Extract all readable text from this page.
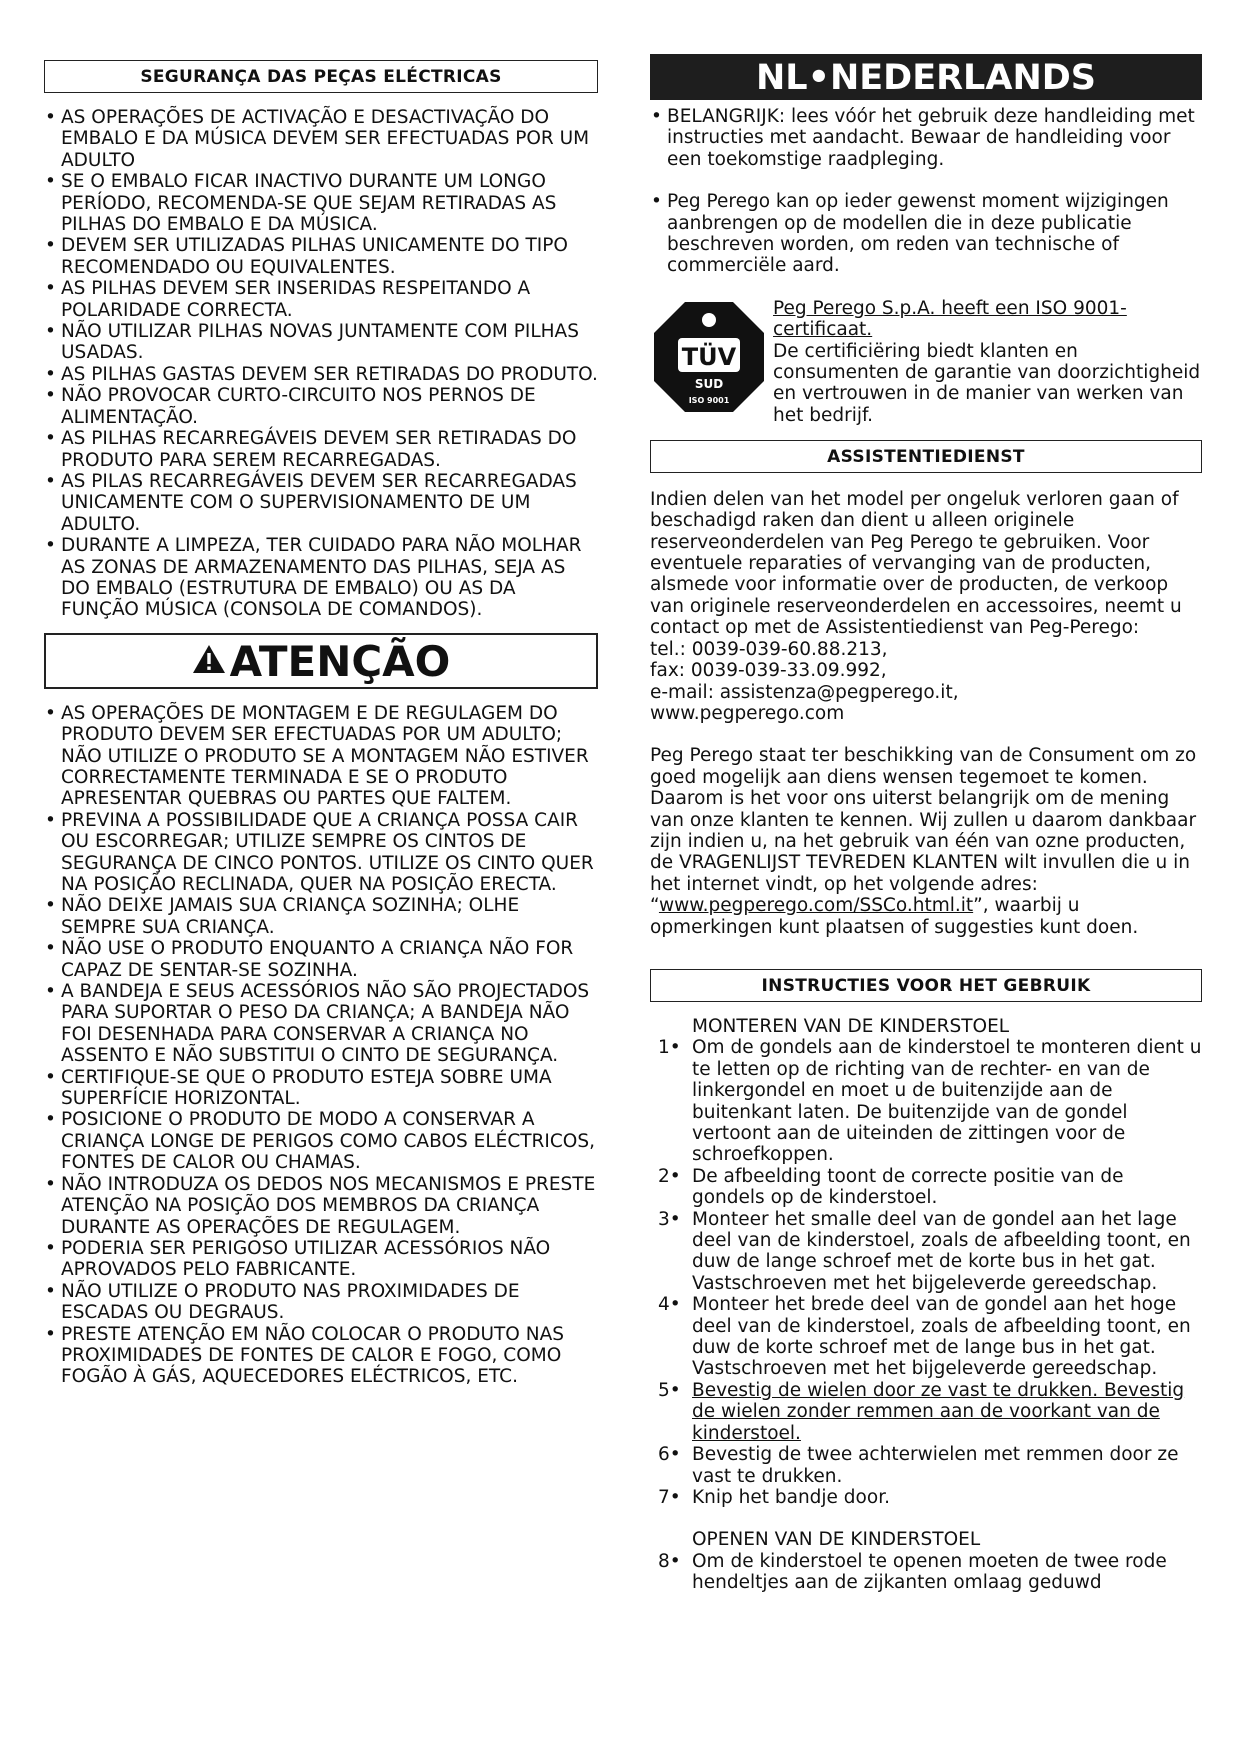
SEGURANÇA DAS PEÇAS ELÉCTRICAS
• AS OPERAÇÕES DE ACTIVAÇÃO E DESACTIVAÇÃO DO EMBALO E DA MÚSICA DEVEM SER EFECTUADAS POR UM ADULTO
• SE O EMBALO FICAR INACTIVO DURANTE UM LONGO PERÍODO, RECOMENDA-SE QUE SEJAM RETIRADAS AS PILHAS DO EMBALO E DA MÚSICA.
• DEVEM SER UTILIZADAS PILHAS UNICAMENTE DO TIPO RECOMENDADO OU EQUIVALENTES.
• AS PILHAS DEVEM SER INSERIDAS RESPEITANDO A POLARIDADE CORRECTA.
• NÃO UTILIZAR PILHAS NOVAS JUNTAMENTE COM PILHAS USADAS.
• AS PILHAS GASTAS DEVEM SER RETIRADAS DO PRODUTO.
• NÃO PROVOCAR CURTO-CIRCUITO NOS PERNOS DE ALIMENTAÇÃO.
• AS PILHAS RECARREGÁVEIS DEVEM SER RETIRADAS DO PRODUTO PARA SEREM RECARREGADAS.
• AS PILAS RECARREGÁVEIS DEVEM SER RECARREGADAS UNICAMENTE COM O SUPERVISIONAMENTO DE UM ADULTO.
• DURANTE A LIMPEZA, TER CUIDADO PARA NÃO MOLHAR AS ZONAS DE ARMAZENAMENTO DAS PILHAS, SEJA AS DO EMBALO (ESTRUTURA DE EMBALO) OU AS DA FUNÇÃO MÚSICA (CONSOLA DE COMANDOS).
ATENÇÃO
• AS OPERAÇÕES DE MONTAGEM E DE REGULAGEM DO PRODUTO DEVEM SER EFECTUADAS POR UM ADULTO; NÃO UTILIZE O PRODUTO SE A MONTAGEM NÃO ESTIVER CORRECTAMENTE TERMINADA E SE O PRODUTO APRESENTAR QUEBRAS OU PARTES QUE FALTEM.
• PREVINA A POSSIBILIDADE QUE A CRIANÇA POSSA CAIR OU ESCORREGAR; UTILIZE SEMPRE OS CINTOS DE SEGURANÇA DE CINCO PONTOS. UTILIZE OS CINTO QUER NA POSIÇÃO RECLINADA, QUER NA POSIÇÃO ERECTA.
• NÃO DEIXE JAMAIS SUA CRIANÇA SOZINHA; OLHE SEMPRE SUA CRIANÇA.
• NÃO USE O PRODUTO ENQUANTO A CRIANÇA NÃO FOR CAPAZ DE SENTAR-SE SOZINHA.
• A BANDEJA E SEUS ACESSÓRIOS NÃO SÃO PROJECTADOS PARA SUPORTAR O PESO DA CRIANÇA; A BANDEJA NÃO FOI DESENHADA PARA CONSERVAR A CRIANÇA NO ASSENTO E NÃO SUBSTITUI O CINTO DE SEGURANÇA.
• CERTIFIQUE-SE QUE O PRODUTO ESTEJA SOBRE UMA SUPERFÍCIE HORIZONTAL.
• POSICIONE O PRODUTO DE MODO A CONSERVAR A CRIANÇA LONGE DE PERIGOS COMO CABOS ELÉCTRICOS, FONTES DE CALOR OU CHAMAS.
• NÃO INTRODUZA OS DEDOS NOS MECANISMOS E PRESTE ATENÇÃO NA POSIÇÃO DOS MEMBROS DA CRIANÇA DURANTE AS OPERAÇÕES DE REGULAGEM.
• PODERIA SER PERIGOSO UTILIZAR ACESSÓRIOS NÃO APROVADOS PELO FABRICANTE.
• NÃO UTILIZE O PRODUTO NAS PROXIMIDADES DE ESCADAS OU DEGRAUS.
• PRESTE ATENÇÃO EM NÃO COLOCAR O PRODUTO NAS PROXIMIDADES DE FONTES DE CALOR E FOGO, COMO FOGÃO À GÁS, AQUECEDORES ELÉCTRICOS, ETC.
NL•NEDERLANDS
• BELANGRIJK: lees vóór het gebruik deze handleiding met instructies met aandacht. Bewaar de handleiding voor een toekomstige raadpleging.
• Peg Perego kan op ieder gewenst moment wijzigingen aanbrengen op de modellen die in deze publicatie beschreven worden, om reden van technische of commerciële aard.
TÜV
SUD
ISO 9001

Peg Perego S.p.A. heeft een ISO 9001-certificaat.

De certificiëring biedt klanten en consumenten de garantie van doorzichtigheid en vertrouwen in de manier van werken van het bedrijf.

ASSISTENTIEDIENST

Indien delen van het model per ongeluk verloren gaan of beschadigd raken dan dient u alleen originele reserveonderdelen van Peg Perego te gebruiken. Voor eventuele reparaties of vervanging van de producten, alsmede voor informatie over de producten, de verkoop van originele reserveonderdelen en accessoires, neemt u contact op met de Assistentiedienst van Peg-Perego:

tel.: 0039-039-60.88.213,

fax: 0039-039-33.09.992,

e-mail: assistenza@pegperego.it,

www.pegperego.com

Peg Perego staat ter beschikking van de Consument om zo goed mogelijk aan diens wensen tegemoet te komen. Daarom is het voor ons uiterst belangrijk om de mening van onze klanten te kennen. Wij zullen u daarom dankbaar zijn indien u, na het gebruik van één van ozne producten, de VRAGENLIJST TEVREDEN KLANTEN wilt invullen die u in het internet vindt, op het volgende adres: “www.pegperego.com/SSCo.html.it”, waarbij u opmerkingen kunt plaatsen of suggesties kunt doen.

INSTRUCTIES VOOR HET GEBRUIK
MONTEREN VAN DE KINDERSTOEL
1• Om de gondels aan de kinderstoel te monteren dient u te letten op de richting van de rechter- en van de linkergondel en moet u de buitenzijde aan de buitenkant laten. De buitenzijde van de gondel vertoont aan de uiteinden de zittingen voor de schroefkoppen.
2• De afbeelding toont de correcte positie van de gondels op de kinderstoel.
3• Monteer het smalle deel van de gondel aan het lage deel van de kinderstoel, zoals de afbeelding toont, en duw de lange schroef met de korte bus in het gat. Vastschroeven met het bijgeleverde gereedschap.
4• Monteer het brede deel van de gondel aan het hoge deel van de kinderstoel, zoals de afbeelding toont, en duw de korte schroef met de lange bus in het gat. Vastschroeven met het bijgeleverde gereedschap.
5• Bevestig de wielen door ze vast te drukken. Bevestig de wielen zonder remmen aan de voorkant van de kinderstoel.
6• Bevestig de twee achterwielen met remmen door ze vast te drukken.
7• Knip het bandje door.
OPENEN VAN DE KINDERSTOEL
8• Om de kinderstoel te openen moeten de twee rode hendeltjes aan de zijkanten omlaag geduwd
